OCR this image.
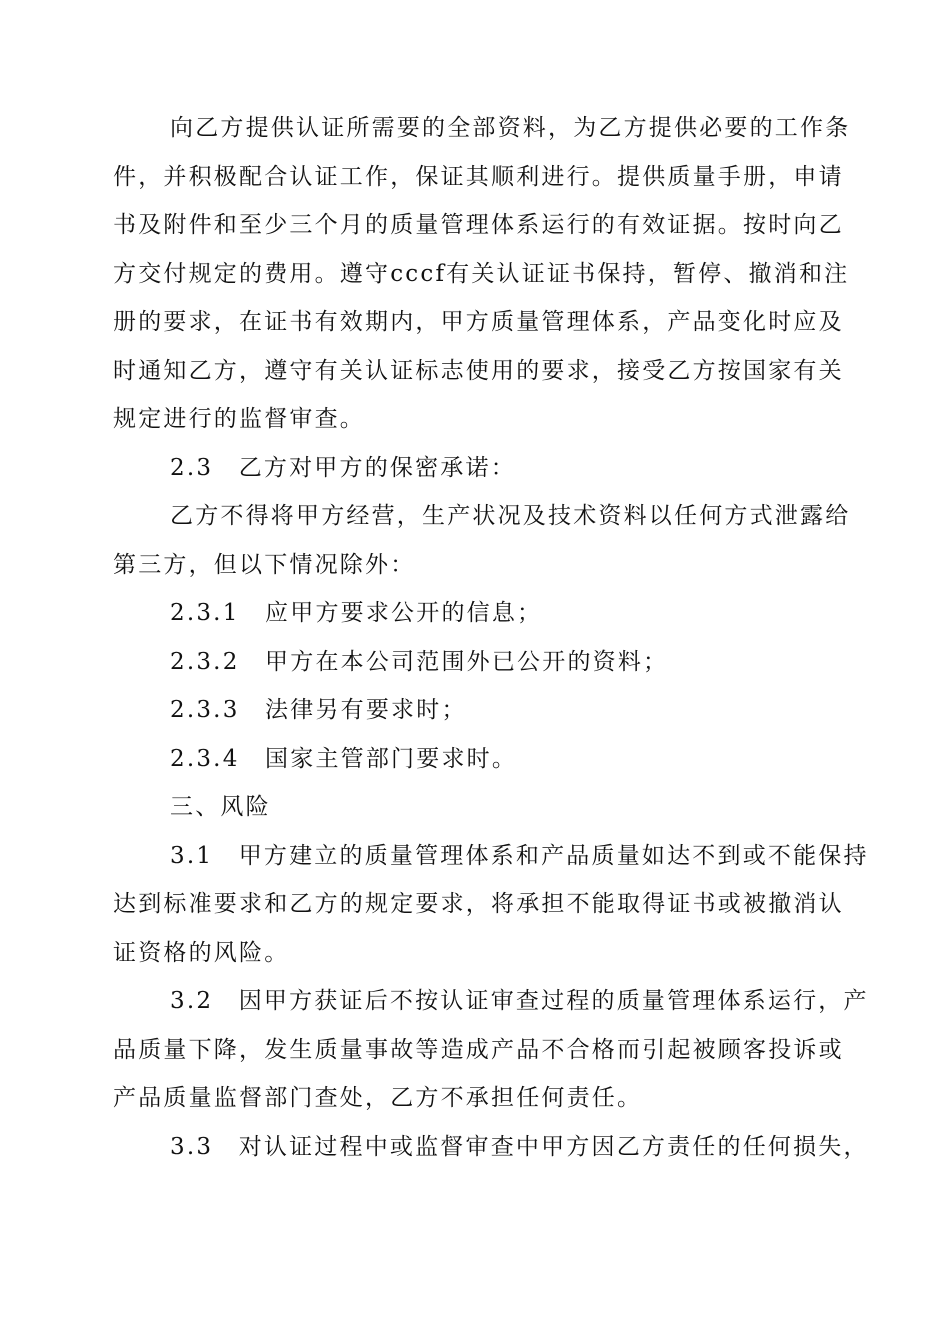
向乙方提供认证所需要的全部资料，为乙方提供必要的工作条
件，并积极配合认证工作，保证其顺利进行。提供质量手册，申请
书及附件和至少三个月的质量管理体系运行的有效证据。按时向乙
方交付规定的费用。遵守cccf有关认证证书保持，暂停、撤消和注
册的要求，在证书有效期内，甲方质量管理体系，产品变化时应及
时通知乙方，遵守有关认证标志使用的要求，接受乙方按国家有关
规定进行的监督审查。
2.3 乙方对甲方的保密承诺：
乙方不得将甲方经营，生产状况及技术资料以任何方式泄露给
第三方，但以下情况除外：
2.3.1 应甲方要求公开的信息；
2.3.2 甲方在本公司范围外已公开的资料；
2.3.3 法律另有要求时；
2.3.4 国家主管部门要求时。
三、风险
3.1 甲方建立的质量管理体系和产品质量如达不到或不能保持
达到标准要求和乙方的规定要求，将承担不能取得证书或被撤消认
证资格的风险。
3.2 因甲方获证后不按认证审查过程的质量管理体系运行，产
品质量下降，发生质量事故等造成产品不合格而引起被顾客投诉或
产品质量监督部门查处，乙方不承担任何责任。
3.3 对认证过程中或监督审查中甲方因乙方责任的任何损失，
